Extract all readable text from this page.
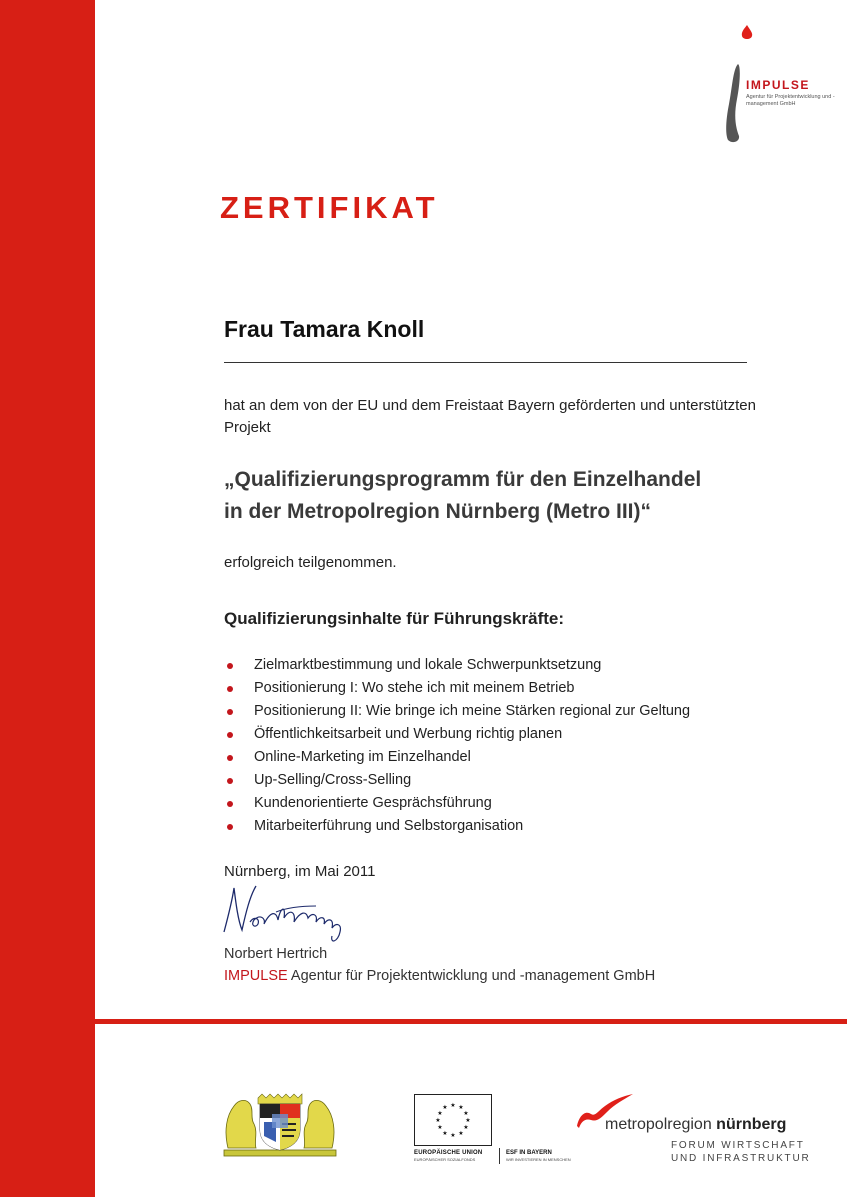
IMPULSE
Agentur für Projektentwicklung und -management GmbH
ZERTIFIKAT
Frau Tamara Knoll
hat an dem von der EU und dem Freistaat Bayern geförderten und unterstützten Projekt
„Qualifizierungsprogramm für den Einzelhandel
in der Metropolregion Nürnberg (Metro III)“
erfolgreich teilgenommen.
Qualifizierungsinhalte für Führungskräfte:
Zielmarktbestimmung und lokale Schwerpunktsetzung
Positionierung I: Wo stehe ich mit meinem Betrieb
Positionierung II: Wie bringe ich meine Stärken regional zur Geltung
Öffentlichkeitsarbeit und Werbung richtig planen
Online-Marketing im Einzelhandel
Up-Selling/Cross-Selling
Kundenorientierte Gesprächsführung
Mitarbeiterführung und Selbstorganisation
Nürnberg, im Mai 2011
Norbert Hertrich
IMPULSE Agentur für Projektentwicklung und -management GmbH
★ ★
★
★
★
★
★
★
★
★
★
★
EUROPÄISCHE UNION
EUROPÄISCHER SOZIALFONDS
ESF IN BAYERN
WIR INVESTIEREN IN MENSCHEN
metropolregion nürnberg
FORUM WIRTSCHAFT
UND INFRASTRUKTUR
